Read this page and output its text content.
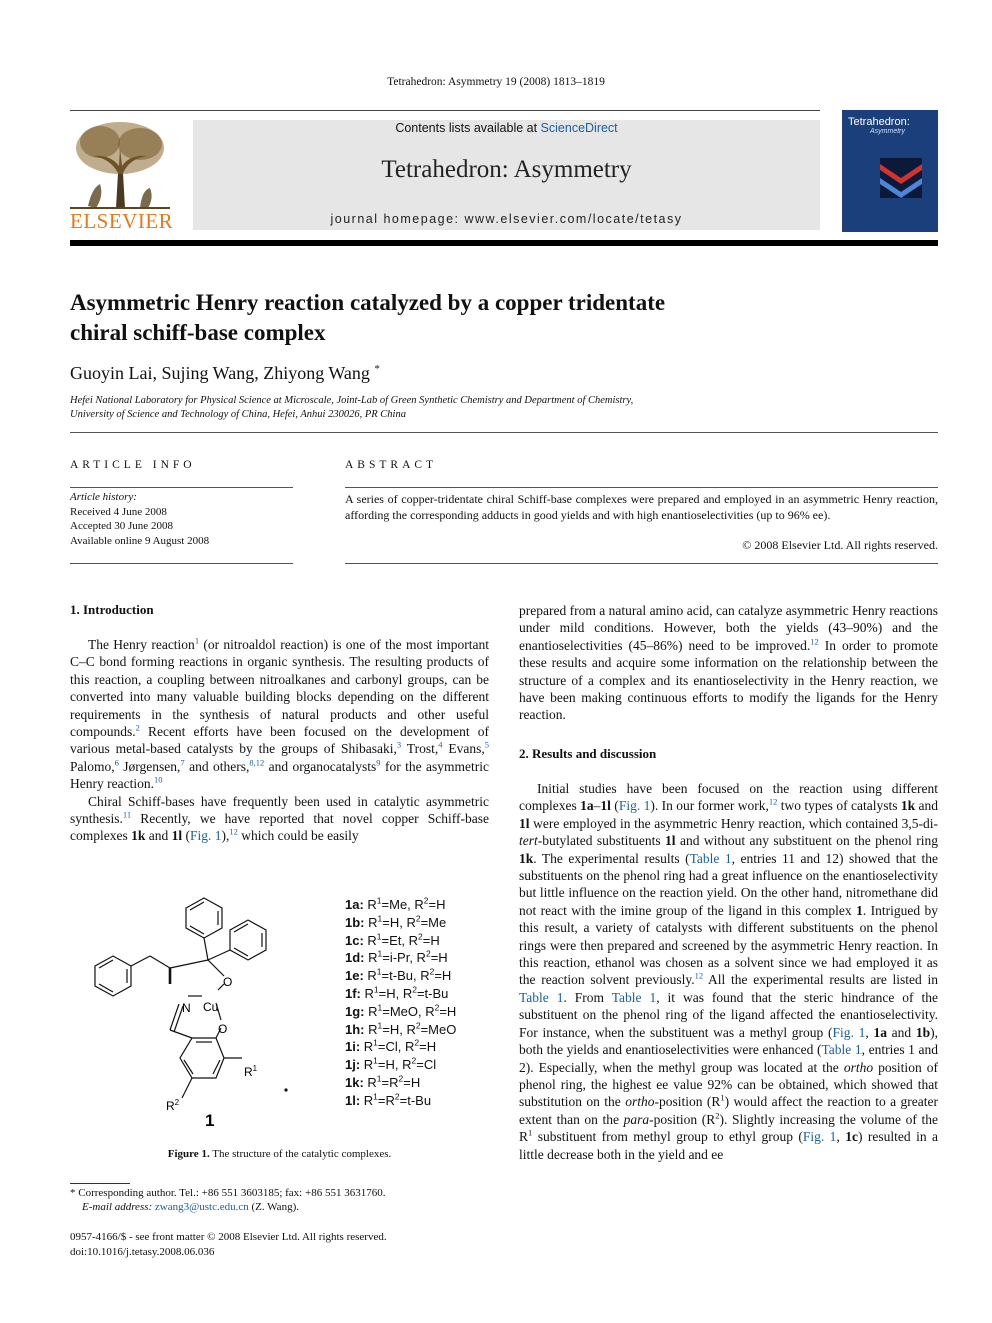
Tetrahedron: Asymmetry 19 (2008) 1813–1819
ELSEVIER
Contents lists available at ScienceDirect
Tetrahedron: Asymmetry
journal homepage: www.elsevier.com/locate/tetasy
Tetrahedron:
Asymmetry
Asymmetric Henry reaction catalyzed by a copper tridentate
chiral schiff-base complex
Guoyin Lai, Sujing Wang, Zhiyong Wang *
Hefei National Laboratory for Physical Science at Microscale, Joint-Lab of Green Synthetic Chemistry and Department of Chemistry,
University of Science and Technology of China, Hefei, Anhui 230026, PR China
ARTICLE INFO
Article history:
Received 4 June 2008
Accepted 30 June 2008
Available online 9 August 2008
ABSTRACT
A series of copper-tridentate chiral Schiff-base complexes were prepared and employed in an asymmetric Henry reaction, affording the corresponding adducts in good yields and with high enantioselectivities (up to 96% ee).
© 2008 Elsevier Ltd. All rights reserved.
1. Introduction
2. Results and discussion

The Henry reaction$^1$ (or nitroaldol reaction) is one of the most important C–C bond forming reactions in organic synthesis. The resulting products of this reaction, a coupling between nitroalkanes and carbonyl groups, can be converted into many valuable building blocks depending on the different requirements in the synthesis of natural products and other useful compounds.$^2$ Recent efforts have been focused on the development of various metal-based catalysts by the groups of Shibasaki,$^3$ Trost,$^4$ Evans,$^5$ Palomo,$^6$ Jørgensen,$^7$ and others,$^{8,12}$ and organocatalysts$^9$ for the asymmetric Henry reaction.$^{10}$

Chiral Schiff-bases have frequently been used in catalytic asymmetric synthesis.$^{11}$ Recently, we have reported that novel copper Schiff-base complexes 1k and 1l (Fig. 1),$^{12}$ which could be easily

prepared from a natural amino acid, can catalyze asymmetric Henry reactions under mild conditions. However, both the yields (43–90%) and the enantioselectivities (45–86%) need to be improved.$^{12}$ In order to promote these results and acquire some information on the relationship between the structure of a complex and its enantioselectivity in the Henry reaction, we have been making continuous efforts to modify the ligands for the Henry reaction.

Initial studies have been focused on the reaction using different complexes 1a–1l (Fig. 1). In our former work,$^{12}$ two types of catalysts 1k and 1l were employed in the asymmetric Henry reaction, which contained 3,5-di-tert-butylated substituents 1l and without any substituent on the phenol ring 1k. The experimental results (Table 1, entries 11 and 12) showed that the substituents on the phenol ring had a great influence on the enantioselectivity but little influence on the reaction yield. On the other hand, nitromethane did not react with the imine group of the ligand in this complex 1. Intrigued by this result, a variety of catalysts with different substituents on the phenol rings were then prepared and screened by the asymmetric Henry reaction. In this reaction, ethanol was chosen as a solvent since we had employed it as the reaction solvent previously.$^{12}$ All the experimental results are listed in Table 1. From Table 1, it was found that the steric hindrance of the substituent on the phenol ring of the ligand affected the enantioselectivity. For instance, when the substituent was a methyl group (Fig. 1, 1a and 1b), both the yields and enantioselectivities were enhanced (Table 1, entries 1 and 2). Especially, when the methyl group was located at the ortho position of phenol ring, the highest ee value 92% can be obtained, which showed that substitution on the ortho-position $(R^1)$ would affect the reaction to a greater extent than on the para-position $(R^2)$. Slightly increasing the volume of the $R^1$ substituent from methyl group to ethyl group (Fig. 1, 1c) resulted in a little decrease both in the yield and ee

N Cu
O
O
$R^1$
$R^2$
1
1a: $R^1=Me$, $R^2=H$
1b: $R^1=H$, $R^2=Me$
1c: $R^1=Et$, $R^2=H$
1d: $R^1=i-Pr$, $R^2=H$
1e: $R^1=t-Bu$, $R^2=H$
1f: $R^1=H$, $R^2=t-Bu$
1g: $R^1=MeO$, $R^2=H$
1h: $R^1=H$, $R^2=MeO$
1i: $R^1=Cl$, $R^2=H$
1j: $R^1=H$, $R^2=Cl$
1k: $R^1=R^2=H$
1l: $R^1=R^2=t-Bu$
Figure 1. The structure of the catalytic complexes.
* Corresponding author. Tel.: +86 551 3603185; fax: +86 551 3631760.
E-mail address: zwang3@ustc.edu.cn (Z. Wang).
0957-4166/$ - see front matter © 2008 Elsevier Ltd. All rights reserved.
doi:10.1016/j.tetasy.2008.06.036
